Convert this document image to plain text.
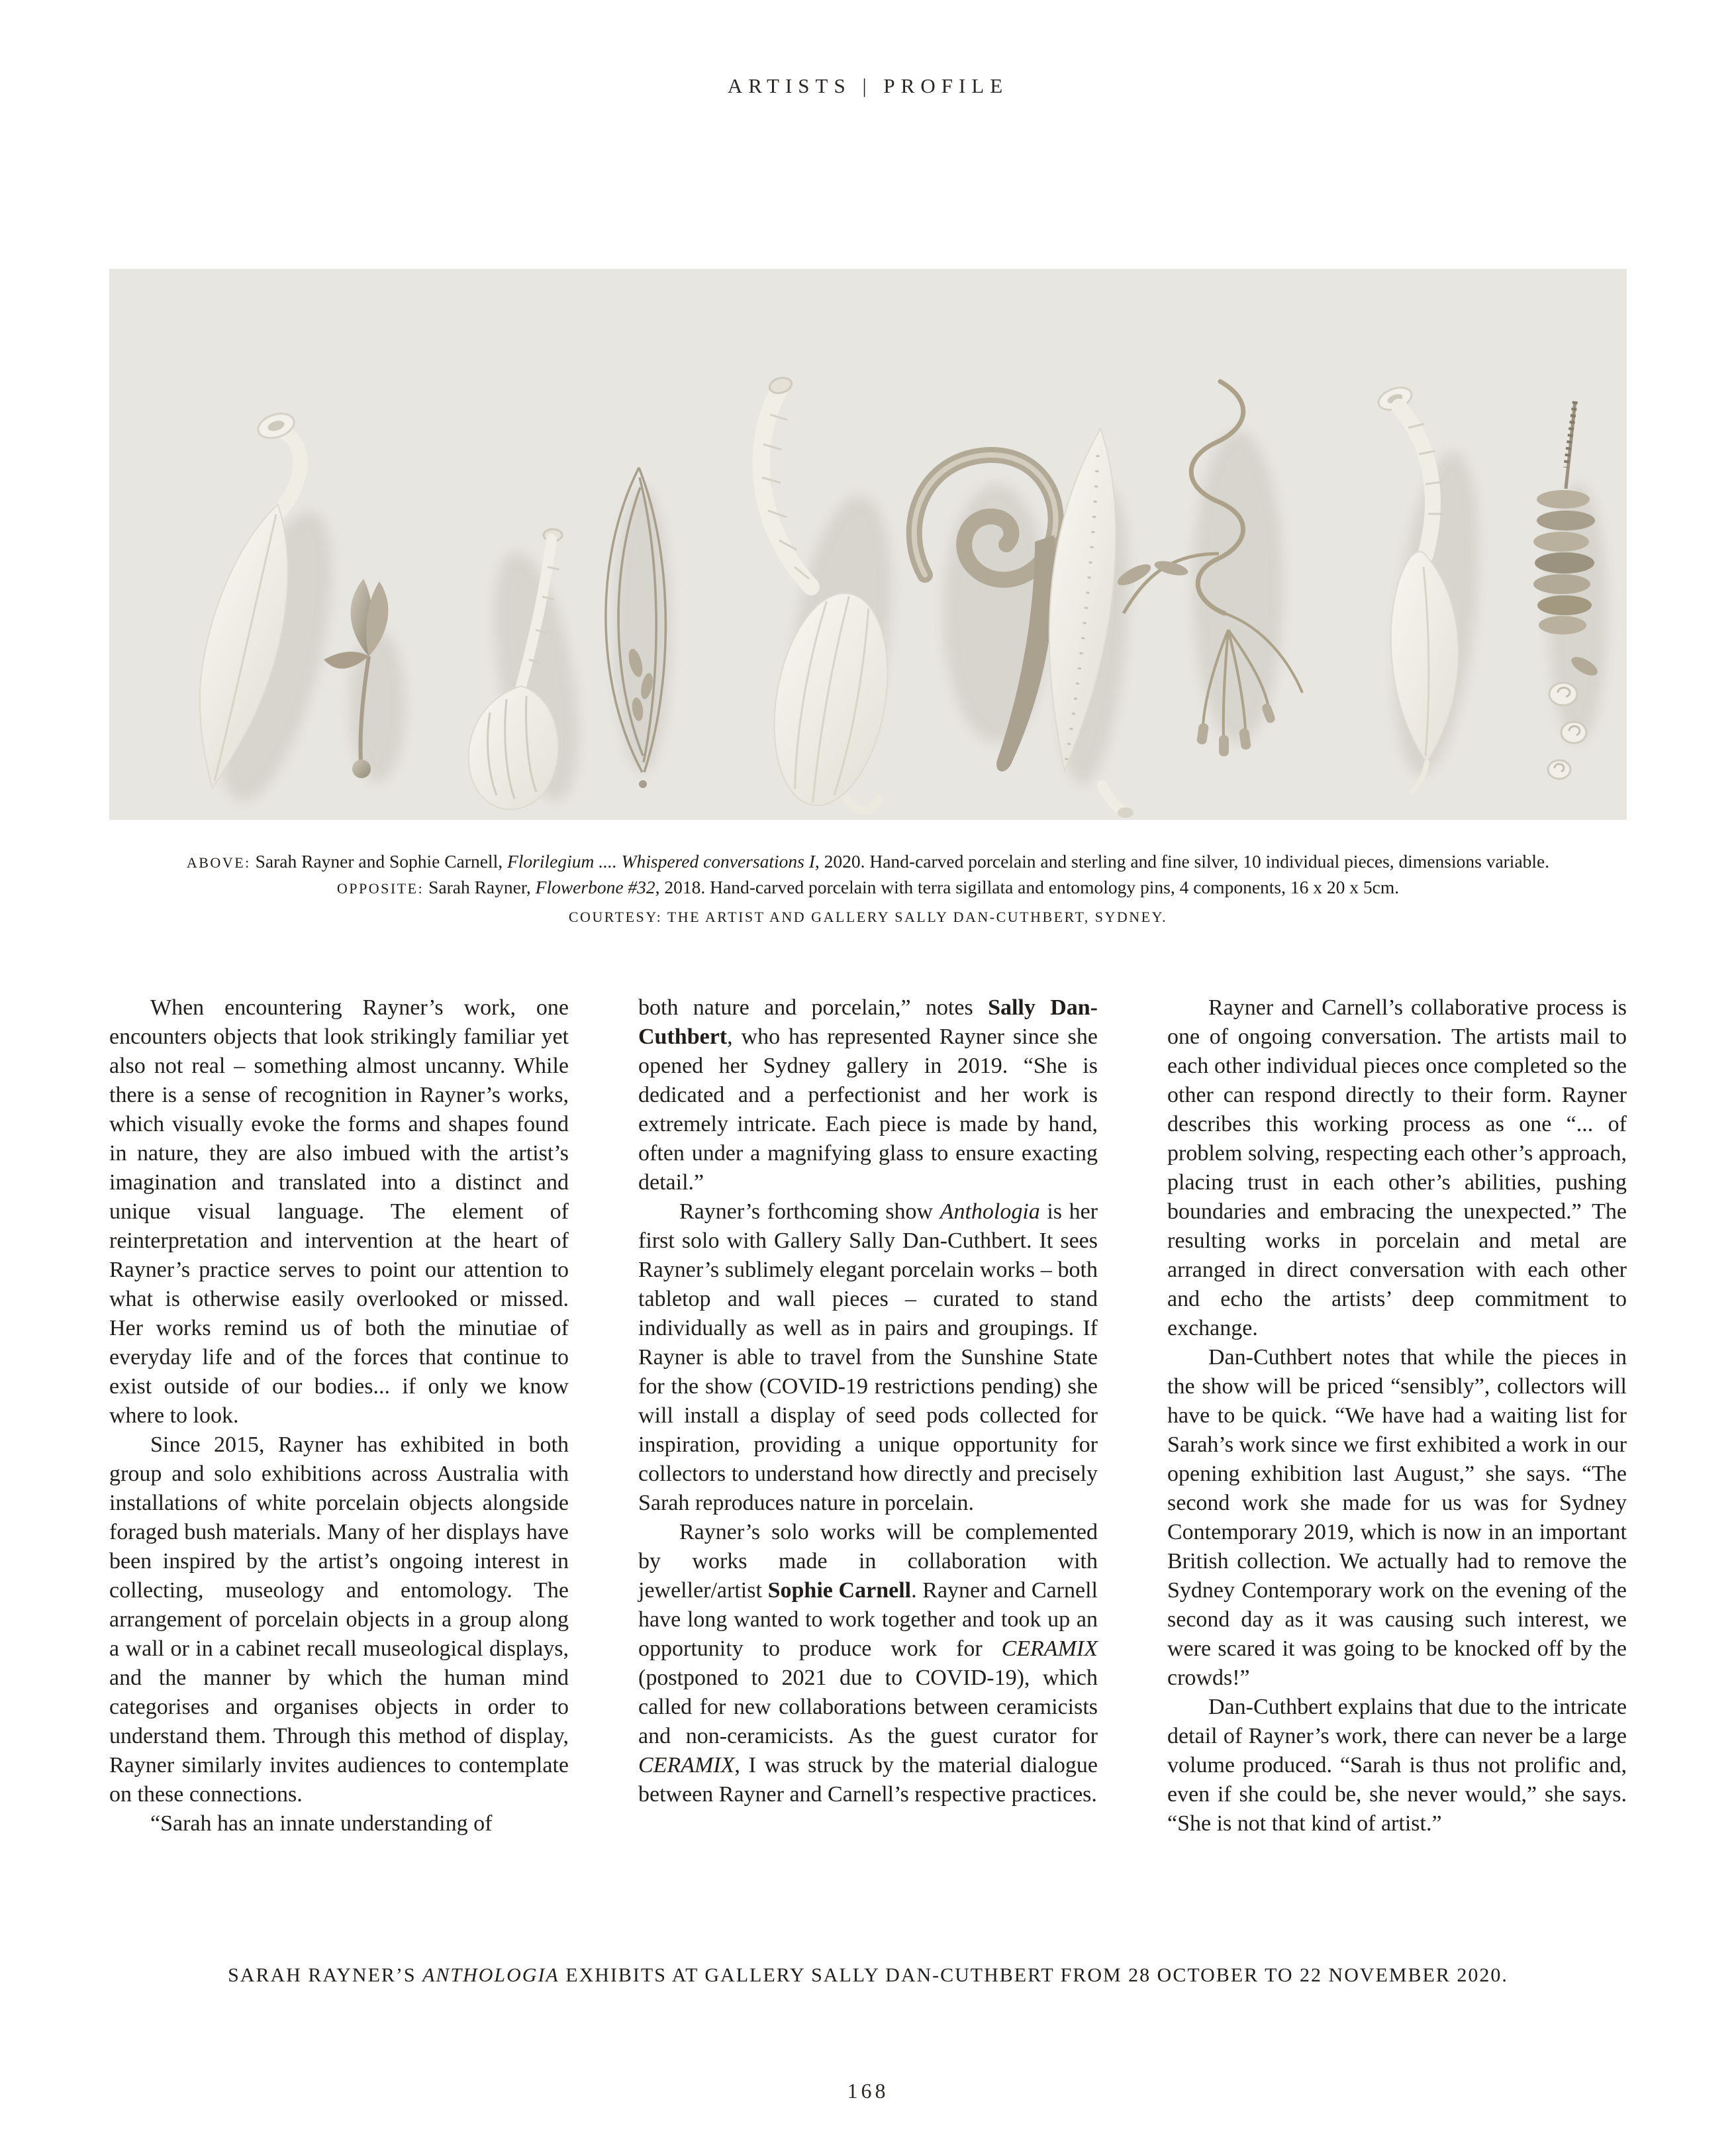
ARTISTS | PROFILE

ABOVE: Sarah Rayner and Sophie Carnell, Florilegium .... Whispered conversations I, 2020. Hand-carved porcelain and sterling and fine silver, 10 individual pieces, dimensions variable.

OPPOSITE: Sarah Rayner, Flowerbone #32, 2018. Hand-carved porcelain with terra sigillata and entomology pins, 4 components, 16 x 20 x 5cm.

COURTESY: THE ARTIST AND GALLERY SALLY DAN-CUTHBERT, SYDNEY.

When encountering Rayner’s work, one encounters objects that look strikingly familiar yet also not real – something almost uncanny. While there is a sense of recognition in Rayner’s works, which visually evoke the forms and shapes found in nature, they are also imbued with the artist’s imagination and translated into a distinct and unique visual language. The element of reinterpretation and intervention at the heart of Rayner’s practice serves to point our attention to what is otherwise easily overlooked or missed. Her works remind us of both the minutiae of everyday life and of the forces that continue to exist outside of our bodies... if only we know where to look.

Since 2015, Rayner has exhibited in both group and solo exhibitions across Australia with installations of white porcelain objects alongside foraged bush materials. Many of her displays have been inspired by the artist’s ongoing interest in collecting, museology and entomology. The arrangement of porcelain objects in a group along a wall or in a cabinet recall museological displays, and the manner by which the human mind categorises and organises objects in order to understand them. Through this method of display, Rayner similarly invites audiences to contemplate on these connections.

“Sarah has an innate understanding of

both nature and porcelain,” notes Sally Dan-Cuthbert, who has represented Rayner since she opened her Sydney gallery in 2019. “She is dedicated and a perfectionist and her work is extremely intricate. Each piece is made by hand, often under a magnifying glass to ensure exacting detail.”

Rayner’s forthcoming show Anthologia is her first solo with Gallery Sally Dan-Cuthbert. It sees Rayner’s sublimely elegant porcelain works – both tabletop and wall pieces – curated to stand individually as well as in pairs and groupings. If Rayner is able to travel from the Sunshine State for the show (COVID-19 restrictions pending) she will install a display of seed pods collected for inspiration, providing a unique opportunity for collectors to understand how directly and precisely Sarah reproduces nature in porcelain.

Rayner’s solo works will be complemented by works made in collaboration with jeweller/artist Sophie Carnell. Rayner and Carnell have long wanted to work together and took up an opportunity to produce work for CERAMIX (postponed to 2021 due to COVID-19), which called for new collaborations between ceramicists and non-ceramicists. As the guest curator for CERAMIX, I was struck by the material dialogue between Rayner and Carnell’s respective practices.

Rayner and Carnell’s collaborative process is one of ongoing conversation. The artists mail to each other individual pieces once completed so the other can respond directly to their form. Rayner describes this working process as one “... of problem solving, respecting each other’s approach, placing trust in each other’s abilities, pushing boundaries and embracing the unexpected.” The resulting works in porcelain and metal are arranged in direct conversation with each other and echo the artists’ deep commitment to exchange.

Dan-Cuthbert notes that while the pieces in the show will be priced “sensibly”, collectors will have to be quick. “We have had a waiting list for Sarah’s work since we first exhibited a work in our opening exhibition last August,” she says. “The second work she made for us was for Sydney Contemporary 2019, which is now in an important British collection. We actually had to remove the Sydney Contemporary work on the evening of the second day as it was causing such interest, we were scared it was going to be knocked off by the crowds!”

Dan-Cuthbert explains that due to the intricate detail of Rayner’s work, there can never be a large volume produced. “Sarah is thus not prolific and, even if she could be, she never would,” she says. “She is not that kind of artist.”

SARAH RAYNER’S ANTHOLOGIA EXHIBITS AT GALLERY SALLY DAN-CUTHBERT FROM 28 OCTOBER TO 22 NOVEMBER 2020.

168
